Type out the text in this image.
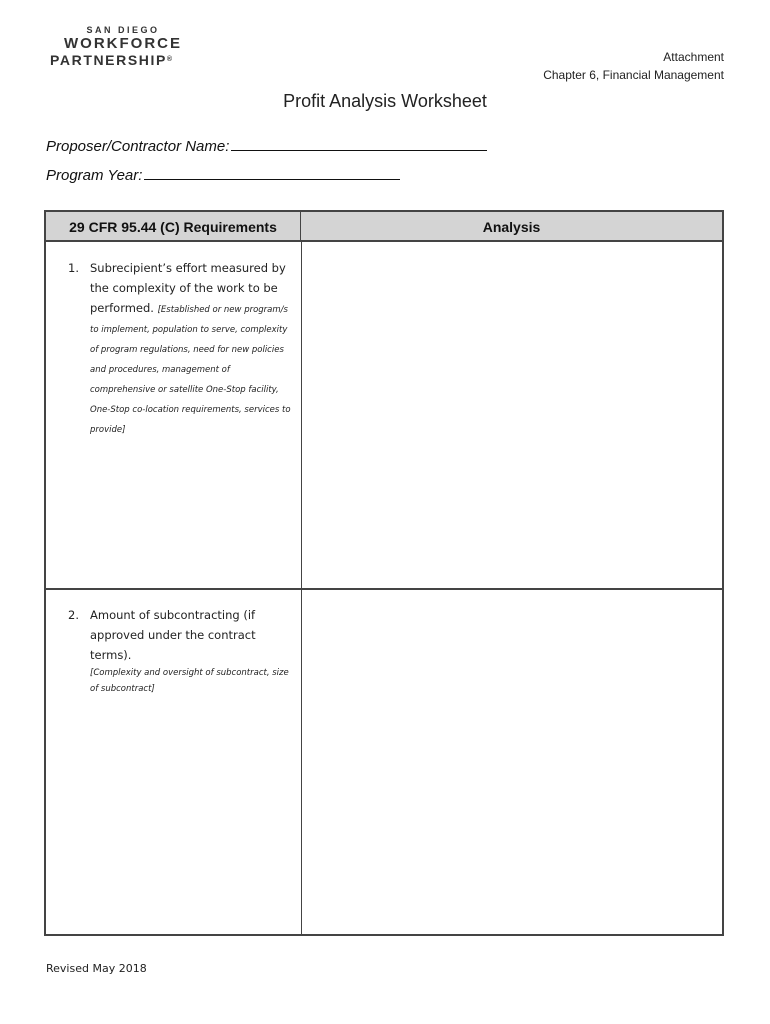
SAN DIEGO
WORKFORCE
PARTNERSHIP®	Attachment
Chapter 6, Financial Management
Profit Analysis Worksheet
Proposer/Contractor Name:
Program Year:
29 CFR 95.44 (C) Requirements	Analysis
1. Subrecipient’s effort measured by the complexity of the work to be performed. [Established or new program/s to implement, population to serve, complexity of program regulations, need for new policies and procedures, management of comprehensive or satellite One-Stop facility, One-Stop co-location requirements, services to provide]
2. Amount of subcontracting (if approved under the contract terms).
[Complexity and oversight of subcontract, size of subcontract]
Revised May 2018
